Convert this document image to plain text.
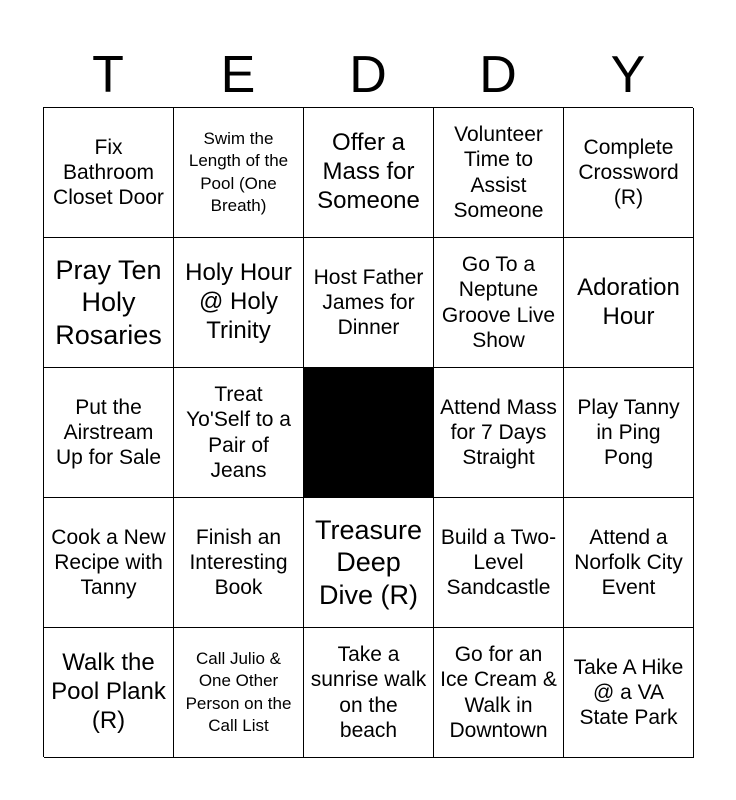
T	E	D	D	Y
Fix Bathroom Closet Door
Swim the Length of the Pool (One Breath)
Offer a Mass for Someone
Volunteer Time to Assist Someone
Complete Crossword (R)
Pray Ten Holy Rosaries
Holy Hour @ Holy Trinity
Host Father James for Dinner
Go To a Neptune Groove Live Show
Adoration Hour
Put the Airstream Up for Sale
Treat Yo'Self to a Pair of Jeans
Attend Mass for 7 Days Straight
Play Tanny in Ping Pong
Cook a New Recipe with Tanny
Finish an Interesting Book
Treasure Deep Dive (R)
Build a Two-Level Sandcastle
Attend a Norfolk City Event
Walk the Pool Plank (R)
Call Julio & One Other Person on the Call List
Take a sunrise walk on the beach
Go for an Ice Cream & Walk in Downtown
Take A Hike @ a VA State Park
